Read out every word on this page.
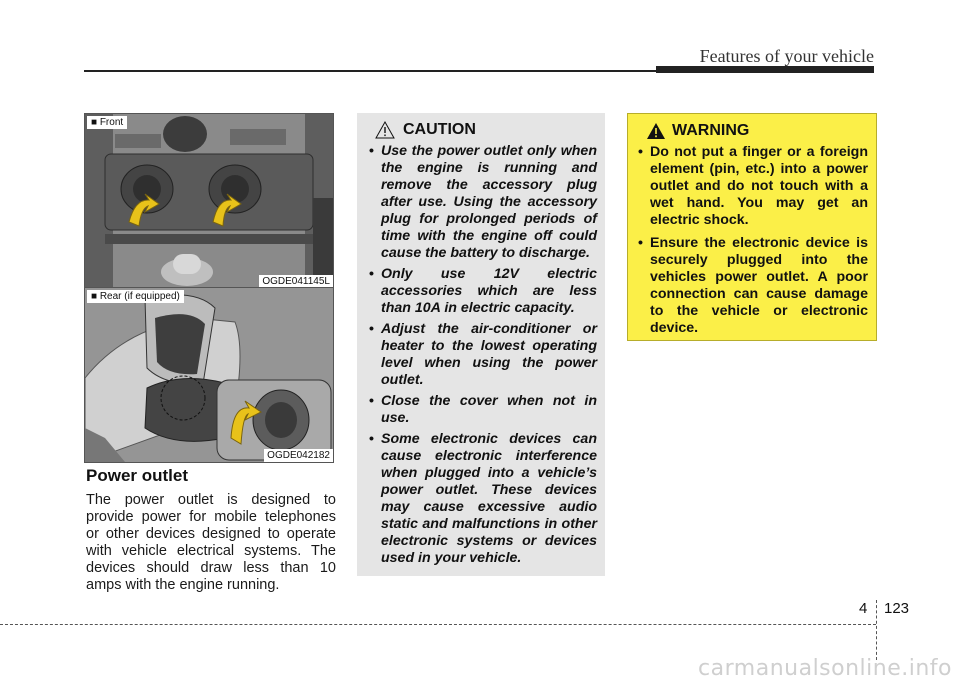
Features of your vehicle
■ Front
OGDE041145L
■ Rear (if equipped)
OGDE042182
Power outlet
The power outlet is designed to provide power for mobile telephones or other devices designed to operate with vehicle electrical systems. The devices should draw less than 10 amps with the engine running.
CAUTION
• Use the power outlet only when the engine is running and remove the accessory plug after use. Using the accessory plug for prolonged periods of time with the engine off could cause the battery to discharge.
• Only use 12V electric accessories which are less than 10A in electric capacity.
• Adjust the air-conditioner or heater to the lowest operating level when using the power outlet.
• Close the cover when not in use.
• Some electronic devices can cause electronic interference when plugged into a vehicle’s power outlet. These devices may cause excessive audio static and malfunctions in other electronic systems or devices used in your vehicle.
WARNING
• Do not put a finger or a foreign element (pin, etc.) into a power outlet and do not touch with a wet hand. You may get an electric shock.
• Ensure the electronic device is securely plugged into the vehicles power outlet. A poor connection can cause damage to the vehicle or electronic device.
4 123
carmanualsonline.info
